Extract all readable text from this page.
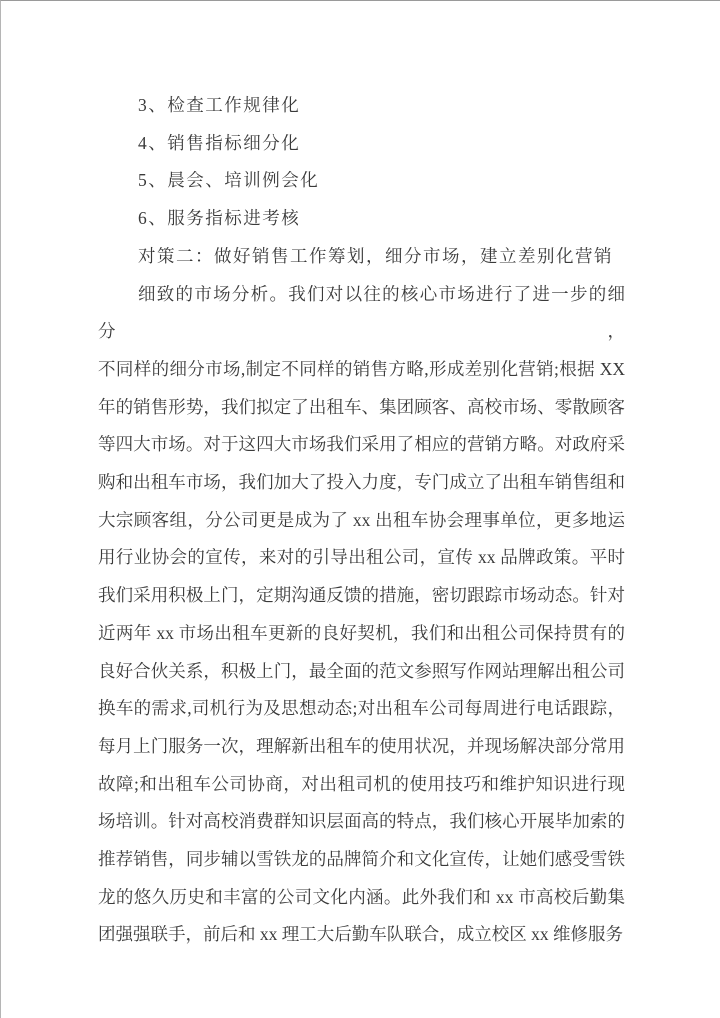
3、检查工作规律化
4、销售指标细分化
5、晨会、培训例会化
6、服务指标进考核
对策二：做好销售工作筹划，细分市场，建立差别化营销
细致的市场分析。我们对以往的核心市场进行了进一步的细分，
不同样的细分市场,制定不同样的销售方略,形成差别化营销;根据 XX
年的销售形势，我们拟定了出租车、集团顾客、高校市场、零散顾客
等四大市场。对于这四大市场我们采用了相应的营销方略。对政府采
购和出租车市场，我们加大了投入力度，专门成立了出租车销售组和
大宗顾客组，分公司更是成为了 xx 出租车协会理事单位，更多地运
用行业协会的宣传，来对的引导出租公司，宣传 xx 品牌政策。平时
我们采用积极上门，定期沟通反馈的措施，密切跟踪市场动态。针对
近两年 xx 市场出租车更新的良好契机，我们和出租公司保持贯有的
良好合伙关系，积极上门，最全面的范文参照写作网站理解出租公司
换车的需求,司机行为及思想动态;对出租车公司每周进行电话跟踪，
每月上门服务一次，理解新出租车的使用状况，并现场解决部分常用
故障;和出租车公司协商，对出租司机的使用技巧和维护知识进行现
场培训。针对高校消费群知识层面高的特点，我们核心开展毕加索的
推荐销售，同步辅以雪铁龙的品牌简介和文化宣传，让她们感受雪铁
龙的悠久历史和丰富的公司文化内涵。此外我们和 xx 市高校后勤集
团强强联手，前后和 xx 理工大后勤车队联合，成立校区 xx 维修服务
